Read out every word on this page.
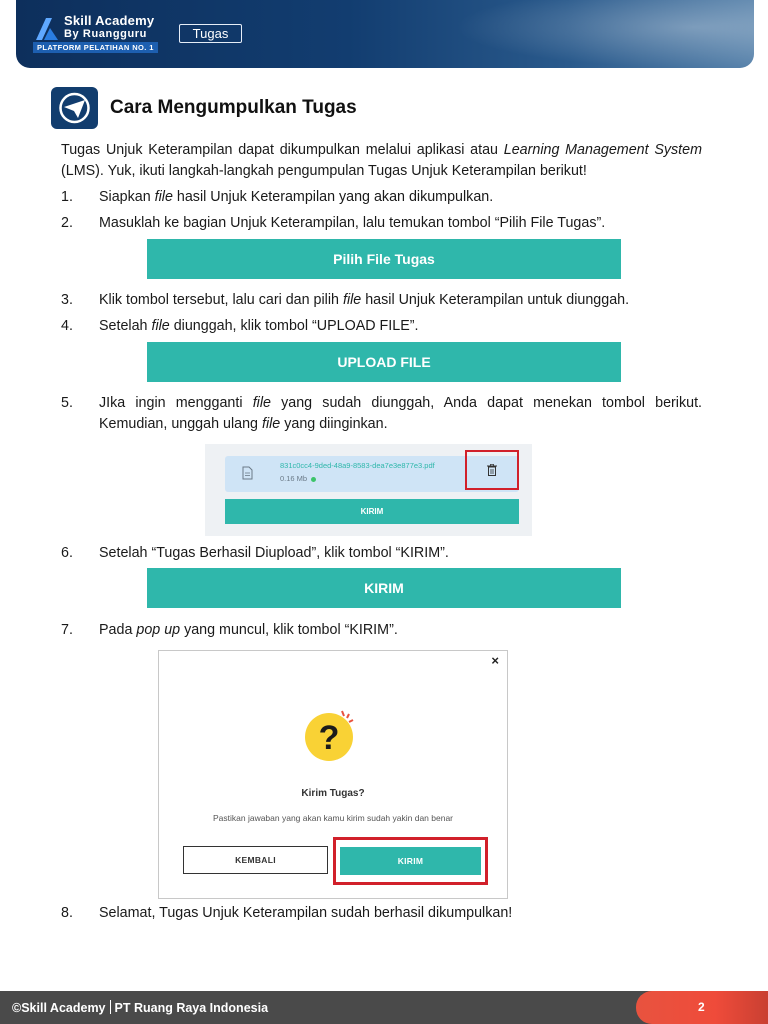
Skill Academy
By Ruangguru
PLATFORM PELATIHAN NO. 1
Tugas
Cara Mengumpulkan Tugas
Tugas Unjuk Keterampilan dapat dikumpulkan melalui aplikasi atau Learning Management System (LMS). Yuk, ikuti langkah-langkah pengumpulan Tugas Unjuk Keterampilan berikut!
1. Siapkan file hasil Unjuk Keterampilan yang akan dikumpulkan.
2. Masuklah ke bagian Unjuk Keterampilan, lalu temukan tombol “Pilih File Tugas”.
Pilih File Tugas
3. Klik tombol tersebut, lalu cari dan pilih file hasil Unjuk Keterampilan untuk diunggah.
4. Setelah file diunggah, klik tombol “UPLOAD FILE”.
UPLOAD FILE
5. JIka ingin mengganti file yang sudah diunggah, Anda dapat menekan tombol berikut. Kemudian, unggah ulang file yang diinginkan.
831c0cc4-9ded-48a9-8583-dea7e3e877e3.pdf
0.16 Mb
KIRIM
6. Setelah “Tugas Berhasil Diupload”, klik tombol “KIRIM”.
KIRIM
7. Pada pop up yang muncul, klik tombol “KIRIM”.
×
?
Kirim Tugas?
Pastikan jawaban yang akan kamu kirim sudah yakin dan benar
KEMBALI	KIRIM
8. Selamat, Tugas Unjuk Keterampilan sudah berhasil dikumpulkan!
©Skill Academy PT Ruang Raya Indonesia	2
